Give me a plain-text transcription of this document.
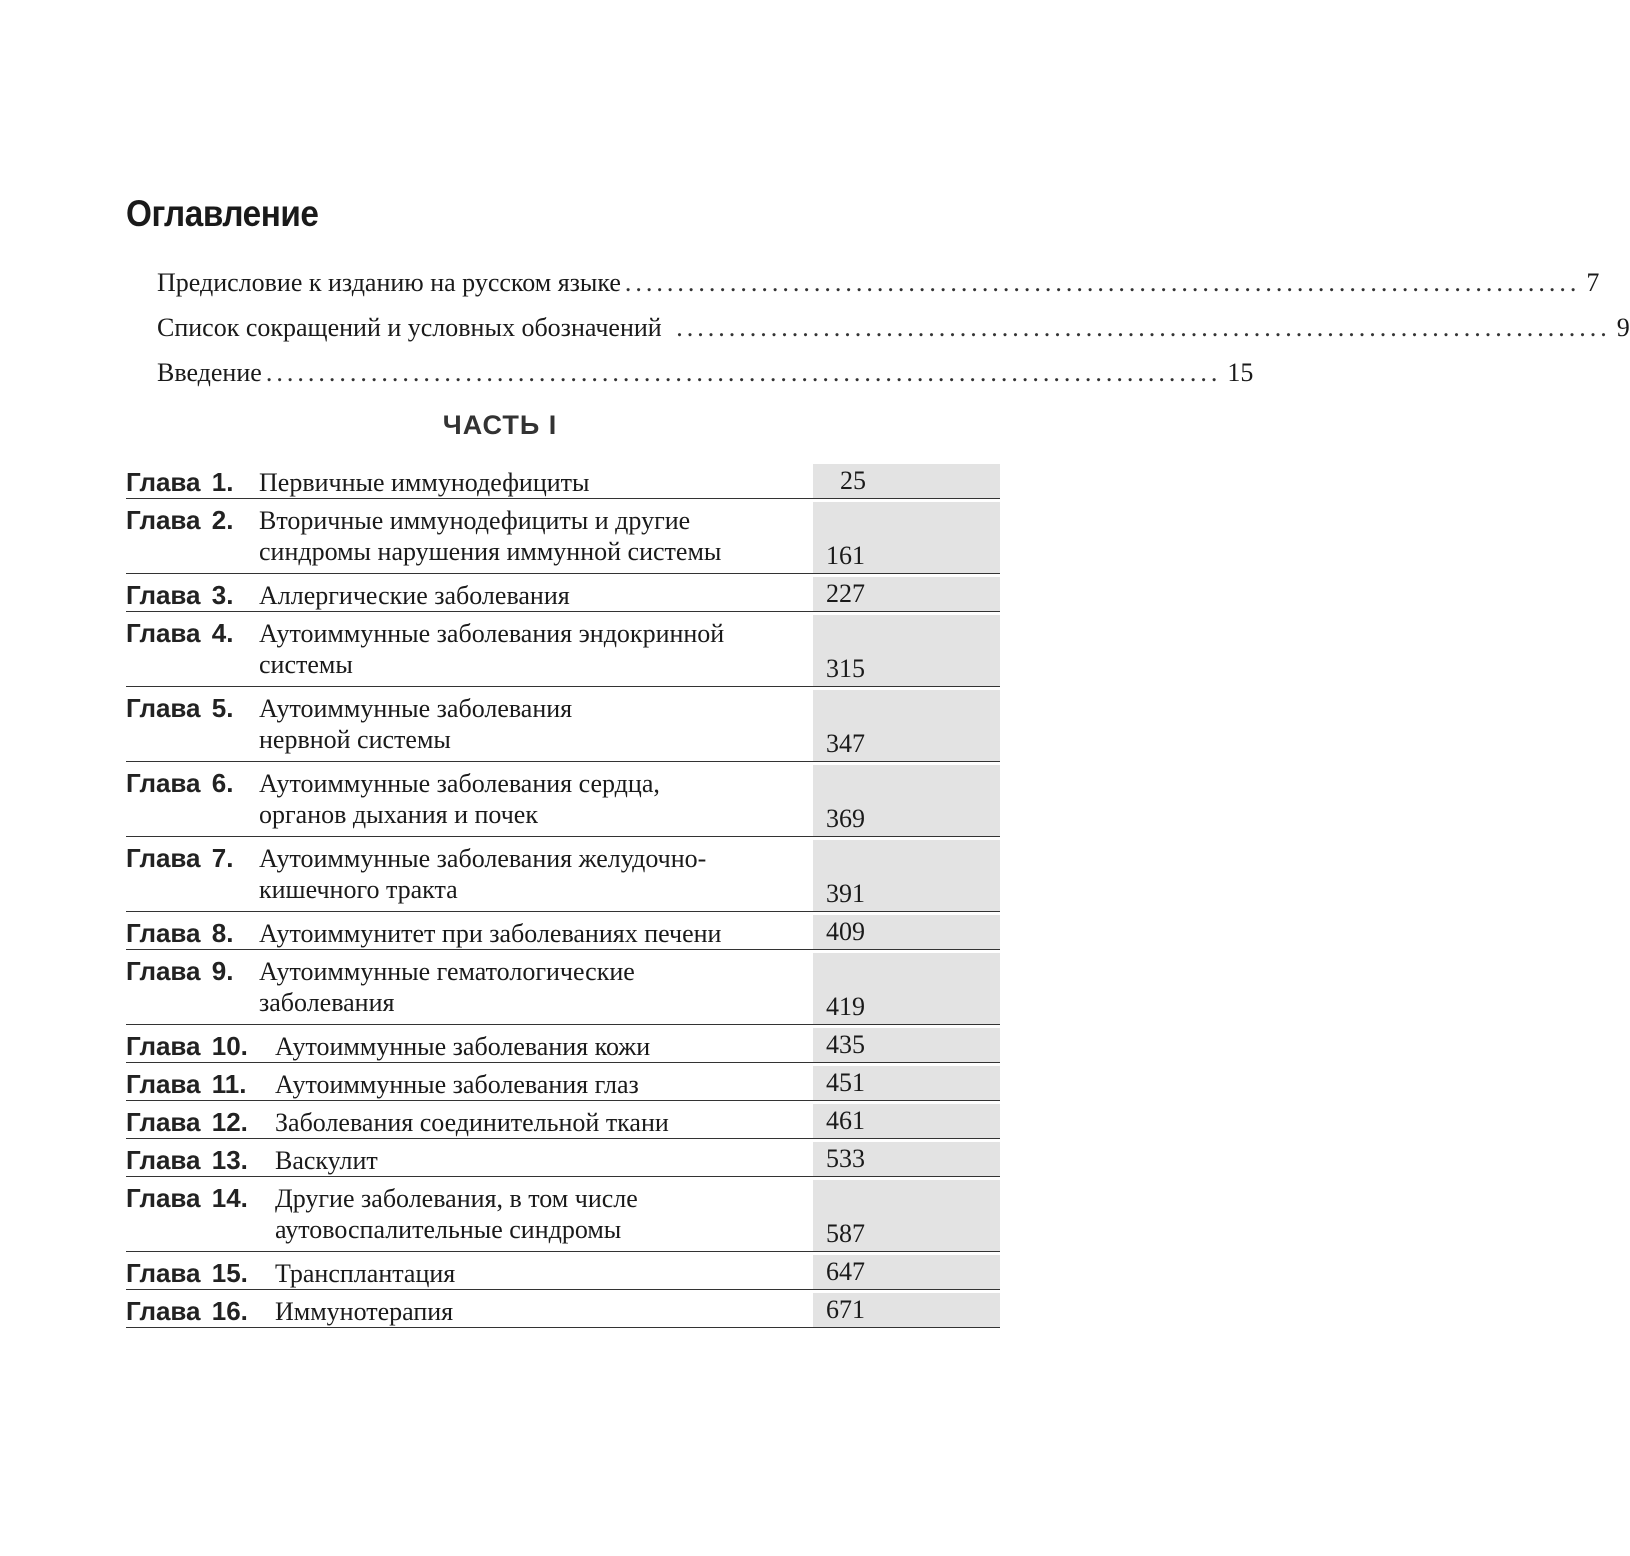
Оглавление
Предисловие к изданию на русском языке ........................................................................................... 7
Список сокращений и условных обозначений ......................................................................................... 9
Введение ........................................................................................... 15
ЧАСТЬ I
Глава 1. Первичные иммунодефициты	25
Глава 2. Вторичные иммунодефициты и другие
синдромы нарушения иммунной системы	161
Глава 3. Аллергические заболевания	227
Глава 4. Аутоиммунные заболевания эндокринной
системы	315
Глава 5. Аутоиммунные заболевания
нервной системы	347
Глава 6. Аутоиммунные заболевания сердца,
органов дыхания и почек	369
Глава 7. Аутоиммунные заболевания желудочно-
кишечного тракта	391
Глава 8. Аутоиммунитет при заболеваниях печени	409
Глава 9. Аутоиммунные гематологические
заболевания	419
Глава 10. Аутоиммунные заболевания кожи	435
Глава 11. Аутоиммунные заболевания глаз	451
Глава 12. Заболевания соединительной ткани	461
Глава 13. Васкулит	533
Глава 14. Другие заболевания, в том числе
аутовоспалительные синдромы	587
Глава 15. Трансплантация	647
Глава 16. Иммунотерапия	671
